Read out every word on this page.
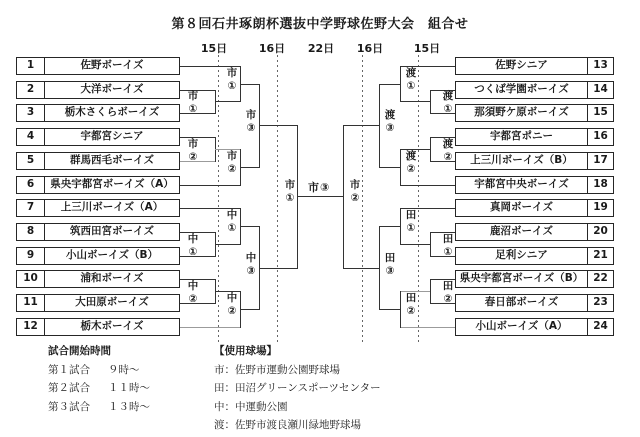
第８回石井琢朗杯選抜中学野球佐野大会　組合せ
15日	16日	22日	16日	15日
1	佐野ボーイズ
2	大洋ボーイズ
3	栃木さくらボーイズ
4	宇都宮シニア
5	群馬西毛ボーイズ
6	県央宇都宮ボーイズ（A）
7	上三川ボーイズ（A）
8	筑西田宮ボーイズ
9	小山ボーイズ（B）
10	浦和ボーイズ
11	大田原ボーイズ
12	栃木ボーイズ
佐野シニア	13
つくば学園ボーイズ	14
那須野ケ原ボーイズ	15
宇都宮ポニー	16
上三川ボーイズ（B）	17
宇都宮中央ボーイズ	18
真岡ボーイズ	19
鹿沼ボーイズ	20
足利シニア	21
県央宇都宮ボーイズ（B） 22
春日部ボーイズ	23
小山ボーイズ（A）	24
市
①
市
②
中
①
中
②
市
①
市
②
中
①
中
②
市
③
中
③
市
①
渡
①
渡
②
田
①
田
②
渡
①
渡
②
田
①
田
②
渡
③
田
③
市
②
市③
試合開始時間
第１試合 ９時～
第２試合 １１時～
第３試合 １３時～
【使用球場】
市：佐野市運動公園野球場
田：田沼グリーンスポーツセンター
中：中運動公園
渡：佐野市渡良瀬川緑地野球場
